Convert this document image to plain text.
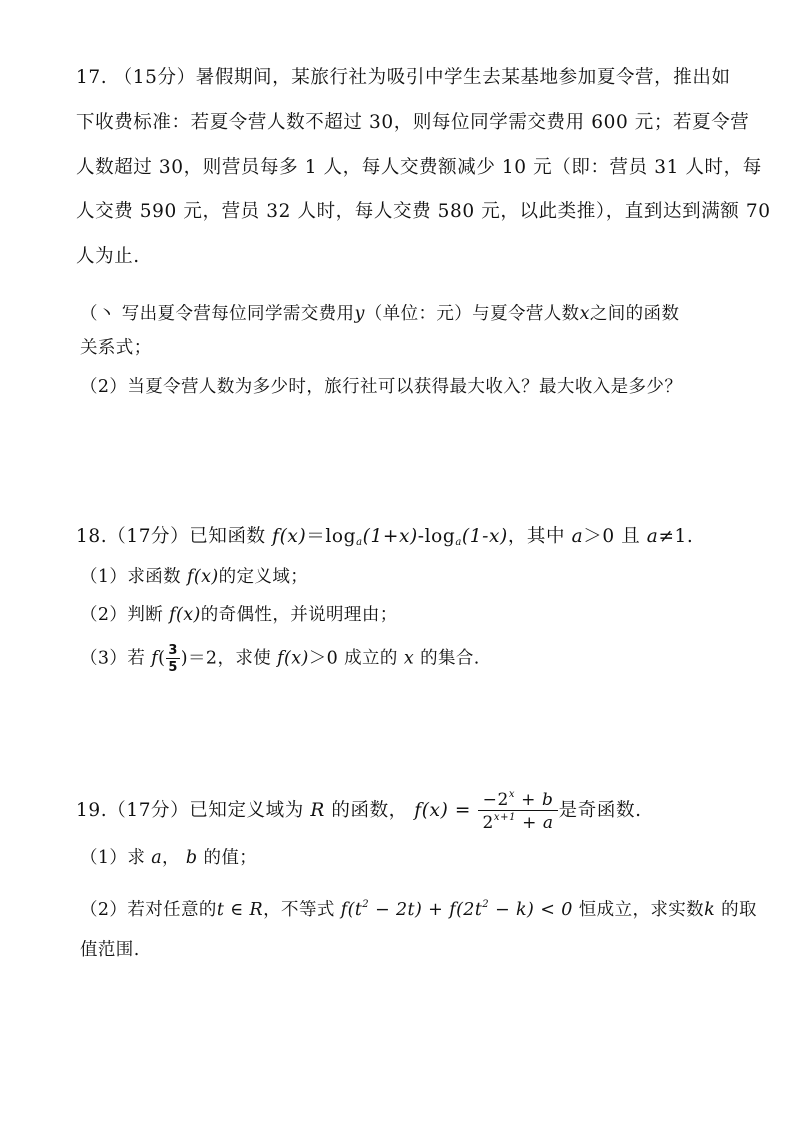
17. （15分）暑假期间，某旅行社为吸引中学生去某基地参加夏令营，推出如
下收费标准：若夏令营人数不超过 30，则每位同学需交费用 600 元；若夏令营
人数超过 30，则营员每多 1 人，每人交费额减少 10 元（即：营员 31 人时，每
人交费 590 元，营员 32 人时，每人交费 580 元，以此类推），直到达到满额 70
人为止.
（丶 写出夏令营每位同学需交费用y（单位：元）与夏令营人数x之间的函数
关系式；
（2）当夏令营人数为多少时，旅行社可以获得最大收入？最大收入是多少？
18.（17分）已知函数 $f(x)=\log_a(1+x)-\log_a(1-x)$，其中 a＞0 且 a≠1.
（1）求函数 f(x)的定义域；
（2）判断 f(x)的奇偶性，并说明理由；
（3）若 $f( \frac{3}{5} )=2$，求使 f(x)＞0 成立的 x 的集合.
19.（17分）已知定义域为 R 的函数， $f(x) = \frac{-2^x + b}{2^{x+1} + a}$ 是奇函数.
（1）求 a， b 的值；
（2）若对任意的t ∈ R，不等式 $f(t^2 - 2t) + f(2t^2 - k) < 0$ 恒成立，求实数k 的取
值范围.
